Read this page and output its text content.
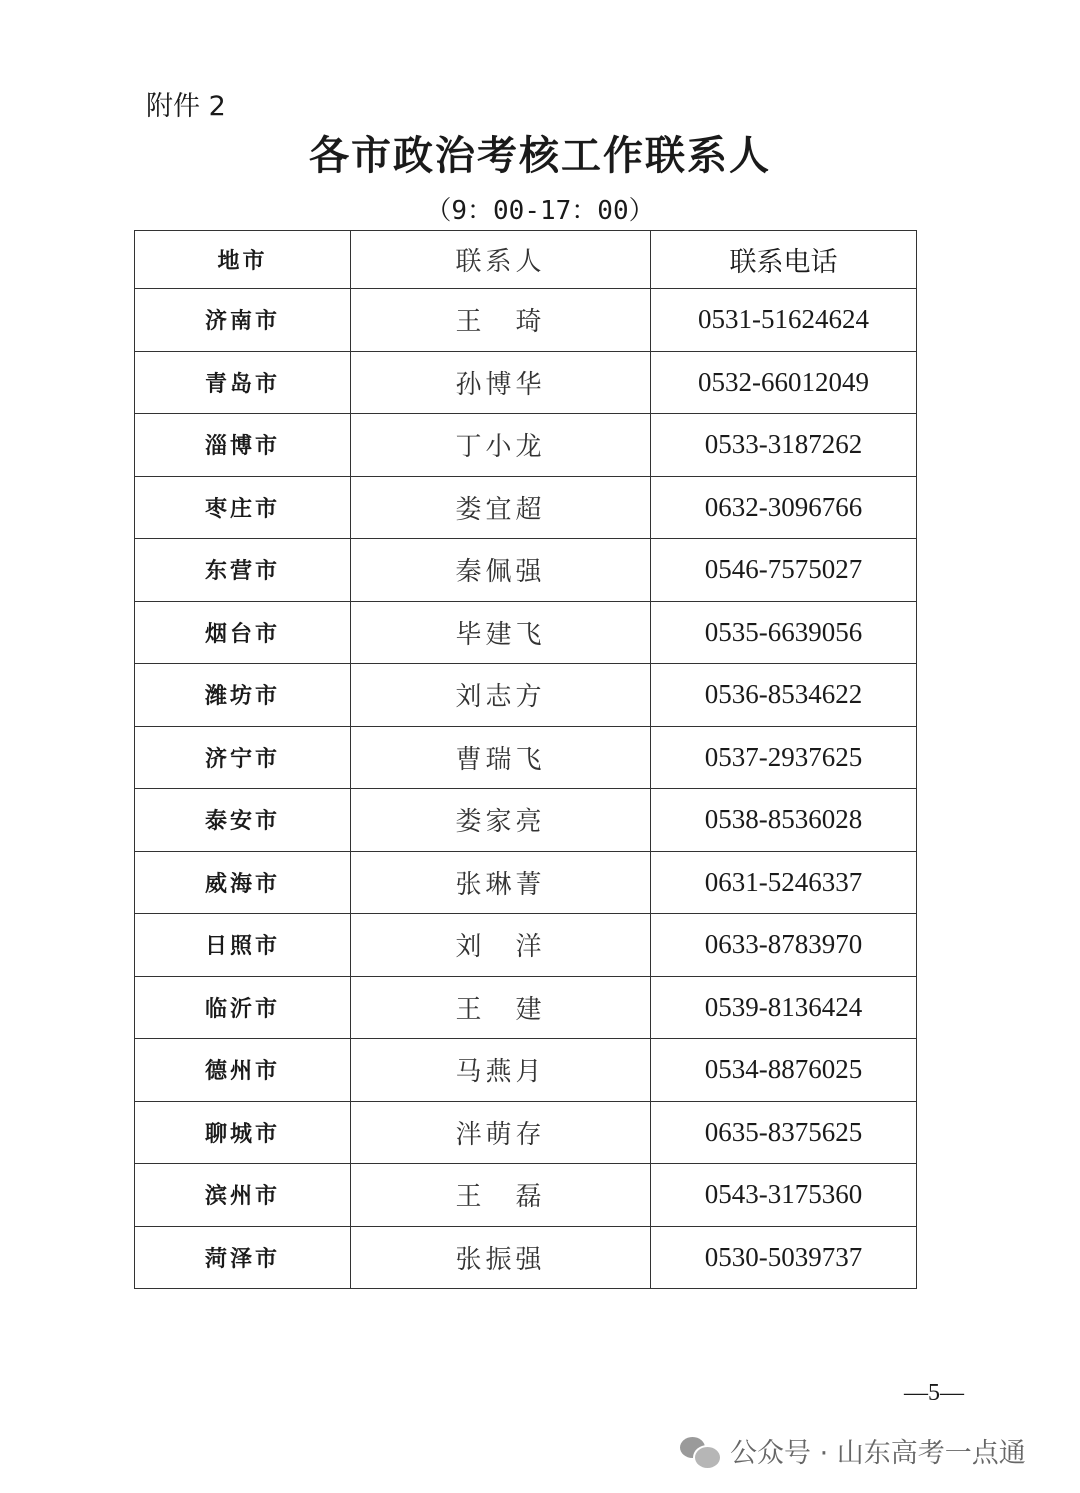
附件 2
各市政治考核工作联系人
（9：00-17：00）
地市	联系人	联系电话
济南市	王　琦	0531-51624624
青岛市	孙博华	0532-66012049
淄博市	丁小龙	0533-3187262
枣庄市	娄宜超	0632-3096766
东营市	秦佩强	0546-7575027
烟台市	毕建飞	0535-6639056
潍坊市	刘志方	0536-8534622
济宁市	曹瑞飞	0537-2937625
泰安市	娄家亮	0538-8536028
威海市	张琳菁	0631-5246337
日照市	刘　洋	0633-8783970
临沂市	王　建	0539-8136424
德州市	马燕月	0534-8876025
聊城市	泮萌存	0635-8375625
滨州市	王　磊	0543-3175360
菏泽市	张振强	0530-5039737
—5—
公众号 · 山东高考一点通
